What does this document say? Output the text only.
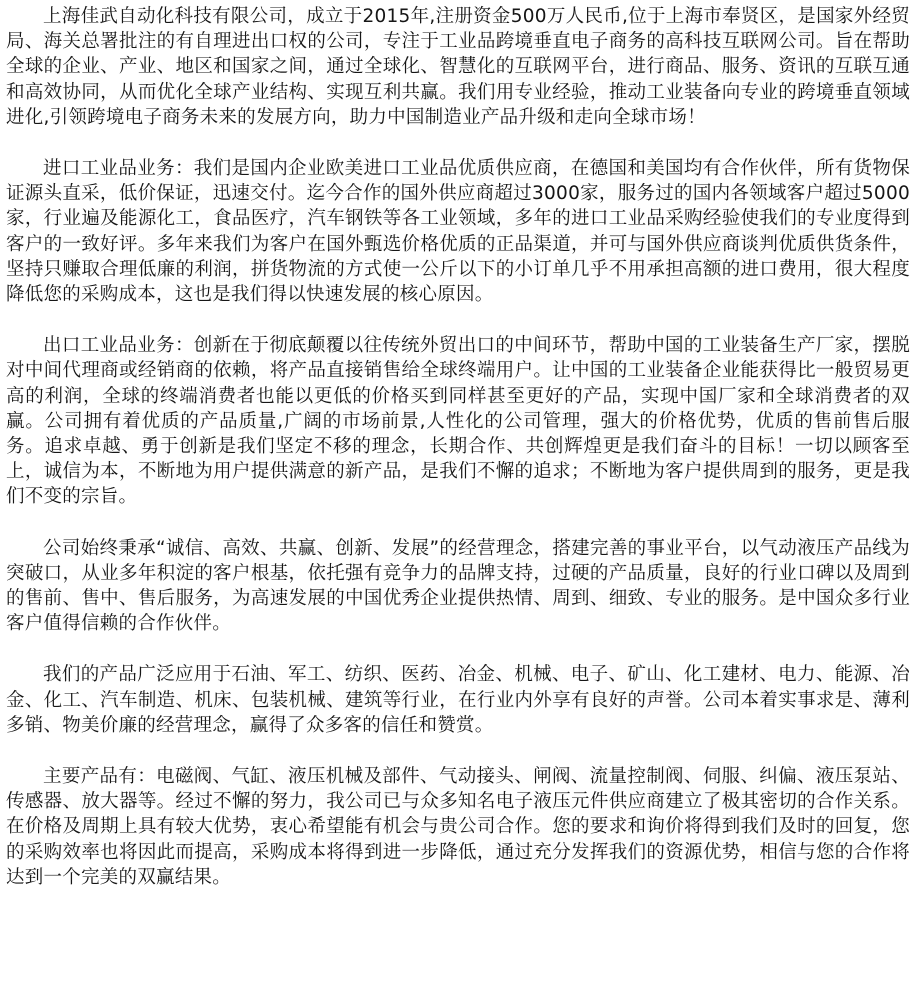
上海佳武自动化科技有限公司，成立于2015年,注册资金500万人民币,位于上海市奉贤区，是国家外经贸局、海关总署批注的有自理进出口权的公司，专注于工业品跨境垂直电子商务的高科技互联网公司。旨在帮助全球的企业、产业、地区和国家之间，通过全球化、智慧化的互联网平台，进行商品、服务、资讯的互联互通和高效协同，从而优化全球产业结构、实现互利共赢。我们用专业经验，推动工业装备向专业的跨境垂直领域进化,引领跨境电子商务未来的发展方向，助力中国制造业产品升级和走向全球市场！

进口工业品业务：我们是国内企业欧美进口工业品优质供应商，在德国和美国均有合作伙伴，所有货物保证源头直采，低价保证，迅速交付。迄今合作的国外供应商超过3000家，服务过的国内各领域客户超过5000家，行业遍及能源化工，食品医疗，汽车钢铁等各工业领域，多年的进口工业品采购经验使我们的专业度得到客户的一致好评。多年来我们为客户在国外甄选价格优质的正品渠道，并可与国外供应商谈判优质供货条件，坚持只赚取合理低廉的利润，拼货物流的方式使一公斤以下的小订单几乎不用承担高额的进口费用，很大程度降低您的采购成本，这也是我们得以快速发展的核心原因。

出口工业品业务：创新在于彻底颠覆以往传统外贸出口的中间环节，帮助中国的工业装备生产厂家，摆脱对中间代理商或经销商的依赖，将产品直接销售给全球终端用户。让中国的工业装备企业能获得比一般贸易更高的利润，全球的终端消费者也能以更低的价格买到同样甚至更好的产品，实现中国厂家和全球消费者的双赢。公司拥有着优质的产品质量,广阔的市场前景,人性化的公司管理，强大的价格优势，优质的售前售后服务。追求卓越、勇于创新是我们坚定不移的理念，长期合作、共创辉煌更是我们奋斗的目标！一切以顾客至上，诚信为本，不断地为用户提供满意的新产品，是我们不懈的追求；不断地为客户提供周到的服务，更是我们不变的宗旨。

公司始终秉承“诚信、高效、共赢、创新、发展”的经营理念，搭建完善的事业平台，以气动液压产品线为突破口，从业多年积淀的客户根基，依托强有竞争力的品牌支持，过硬的产品质量，良好的行业口碑以及周到的售前、售中、售后服务，为高速发展的中国优秀企业提供热情、周到、细致、专业的服务。是中国众多行业客户值得信赖的合作伙伴。

我们的产品广泛应用于石油、军工、纺织、医药、冶金、机械、电子、矿山、化工建材、电力、能源、冶金、化工、汽车制造、机床、包装机械、建筑等行业，在行业内外享有良好的声誉。公司本着实事求是、薄利多销、物美价廉的经营理念，赢得了众多客的信任和赞赏。

主要产品有：电磁阀、气缸、液压机械及部件、气动接头、闸阀、流量控制阀、伺服、纠偏、液压泵站、传感器、放大器等。经过不懈的努力，我公司已与众多知名电子液压元件供应商建立了极其密切的合作关系。在价格及周期上具有较大优势，衷心希望能有机会与贵公司合作。您的要求和询价将得到我们及时的回复，您的采购效率也将因此而提高，采购成本将得到进一步降低，通过充分发挥我们的资源优势，相信与您的合作将达到一个完美的双赢结果。
